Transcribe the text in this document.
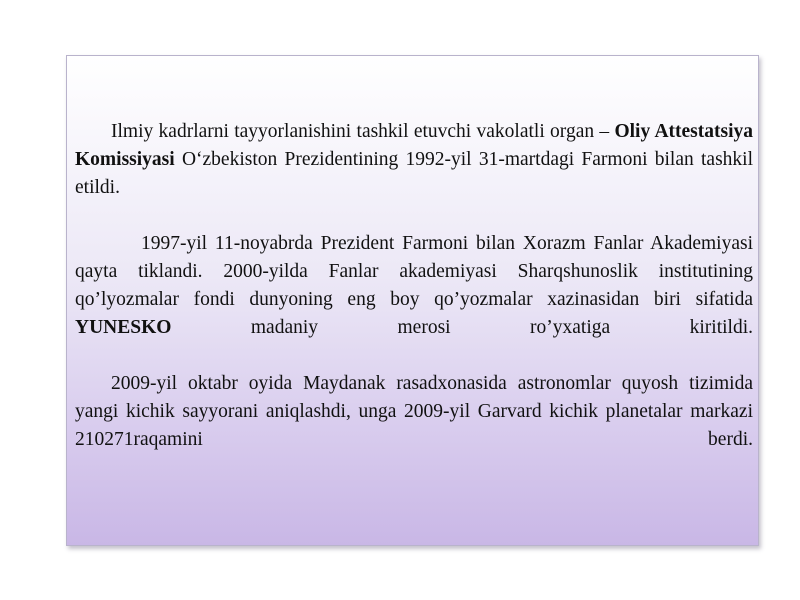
Ilmiy kadrlarni tayyorlanishini tashkil etuvchi vakolatli organ – Oliy Attestatsiya Komissiyasi O‘zbekiston Prezidentining 1992-yil 31-martdagi Farmoni bilan tashkil etildi.

1997-yil 11-noyabrda Prezident Farmoni bilan Xorazm Fanlar Akademiyasi qayta tiklandi. 2000-yilda Fanlar akademiyasi Sharqshunoslik institutining qo’lyozmalar fondi dunyoning eng boy qo’yozmalar xazinasidan biri sifatida YUNESKO madaniy merosi ro’yxatiga kiritildi.

2009-yil oktabr oyida Maydanak rasadxonasida astronomlar quyosh tizimida yangi kichik sayyorani aniqlashdi, unga 2009-yil Garvard kichik planetalar markazi 210271raqamini berdi.
